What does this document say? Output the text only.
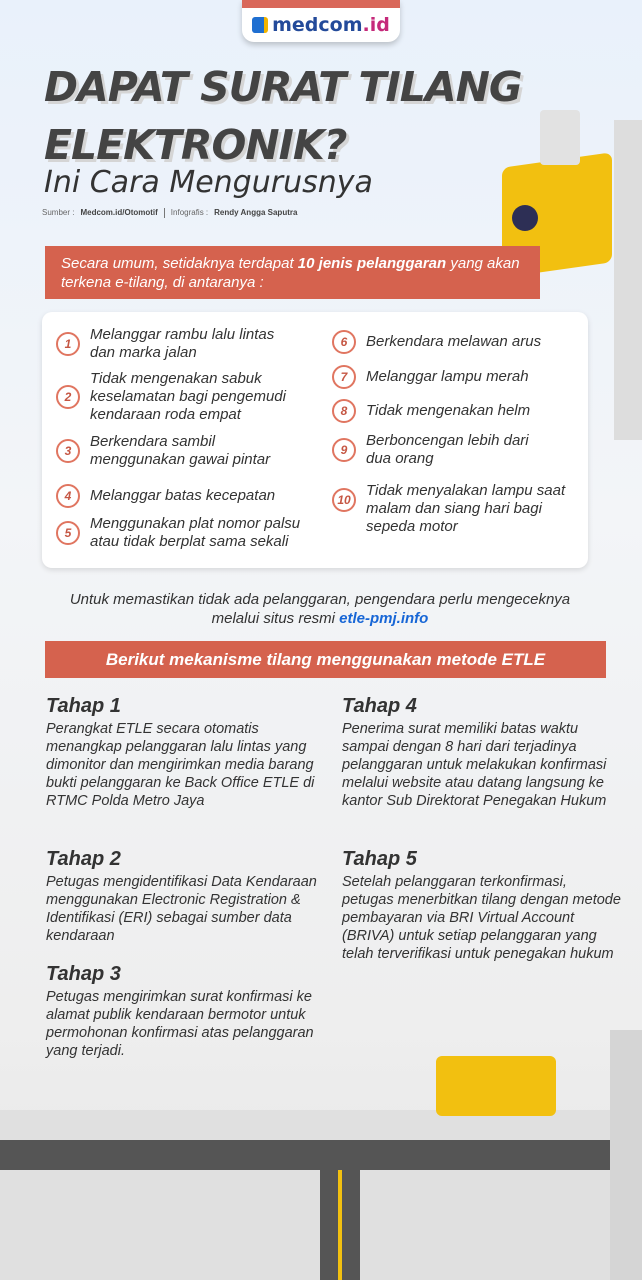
medcom.id
DAPAT SURAT TILANG
ELEKTRONIK?
Ini Cara Mengurusnya
Sumber : Medcom.id/Otomotif Infografis : Rendy Angga Saputra
Secara umum, setidaknya terdapat 10 jenis pelanggaran yang akan terkena e-tilang, di antaranya :
1
Melanggar rambu lalu lintas dan marka jalan
2
Tidak mengenakan sabuk keselamatan bagi pengemudi kendaraan roda empat
3
Berkendara sambil menggunakan gawai pintar
4	Melanggar batas kecepatan
5
Menggunakan plat nomor palsu atau tidak berplat sama sekali
6	Berkendara melawan arus
7	Melanggar lampu merah
8	Tidak mengenakan helm
9
Berboncengan lebih dari dua orang
10
Tidak menyalakan lampu saat malam dan siang hari bagi sepeda motor
Untuk memastikan tidak ada pelanggaran, pengendara perlu mengeceknya melalui situs resmi etle-pmj.info
Berikut mekanisme tilang menggunakan metode ETLE
Tahap 1

Perangkat ETLE secara otomatis menangkap pelanggaran lalu lintas yang dimonitor dan mengirimkan media barang bukti pelanggaran ke Back Office ETLE di RTMC Polda Metro Jaya

Tahap 2

Petugas mengidentifikasi Data Kendaraan menggunakan Electronic Registration & Identifikasi (ERI) sebagai sumber data kendaraan

Tahap 3

Petugas mengirimkan surat konfirmasi ke alamat publik kendaraan bermotor untuk permohonan konfirmasi atas pelanggaran yang terjadi.

Tahap 4

Penerima surat memiliki batas waktu sampai dengan 8 hari dari terjadinya pelanggaran untuk melakukan konfirmasi melalui website atau datang langsung ke kantor Sub Direktorat Penegakan Hukum

Tahap 5

Setelah pelanggaran terkonfirmasi, petugas menerbitkan tilang dengan metode pembayaran via BRI Virtual Account (BRIVA) untuk setiap pelanggaran yang telah terverifikasi untuk penegakan hukum
